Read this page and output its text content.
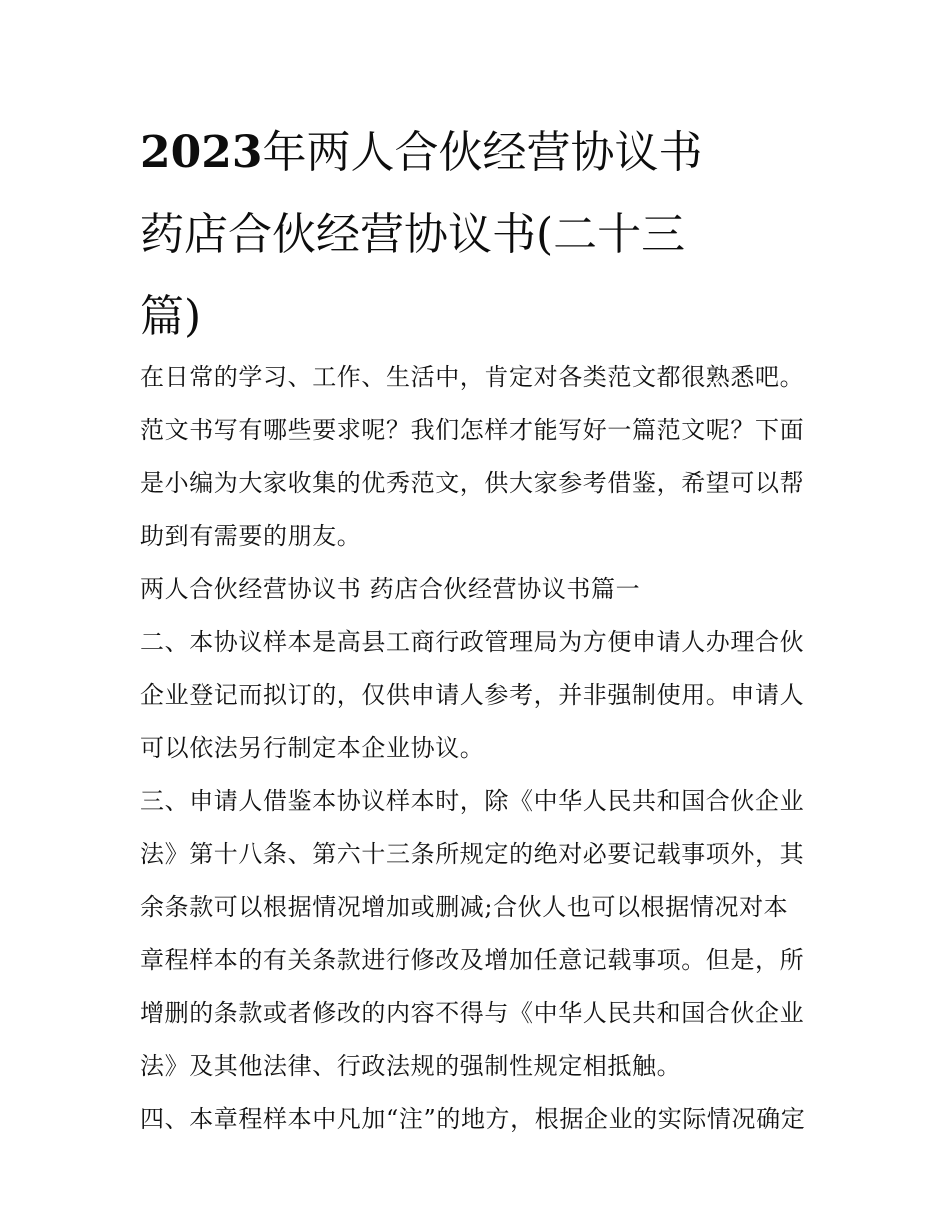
2023年两人合伙经营协议书
药店合伙经营协议书(二十三
篇)

在日常的学习、工作、生活中，肯定对各类范文都很熟悉吧。

范文书写有哪些要求呢？我们怎样才能写好一篇范文呢？下面

是小编为大家收集的优秀范文，供大家参考借鉴，希望可以帮

助到有需要的朋友。

两人合伙经营协议书 药店合伙经营协议书篇一

二、本协议样本是高县工商行政管理局为方便申请人办理合伙

企业登记而拟订的，仅供申请人参考，并非强制使用。申请人

可以依法另行制定本企业协议。

三、申请人借鉴本协议样本时，除《中华人民共和国合伙企业

法》第十八条、第六十三条所规定的绝对必要记载事项外，其

余条款可以根据情况增加或删减;合伙人也可以根据情况对本

章程样本的有关条款进行修改及增加任意记载事项。但是，所

增删的条款或者修改的内容不得与《中华人民共和国合伙企业

法》及其他法律、行政法规的强制性规定相抵触。

四、本章程样本中凡加“注”的地方，根据企业的实际情况确定
